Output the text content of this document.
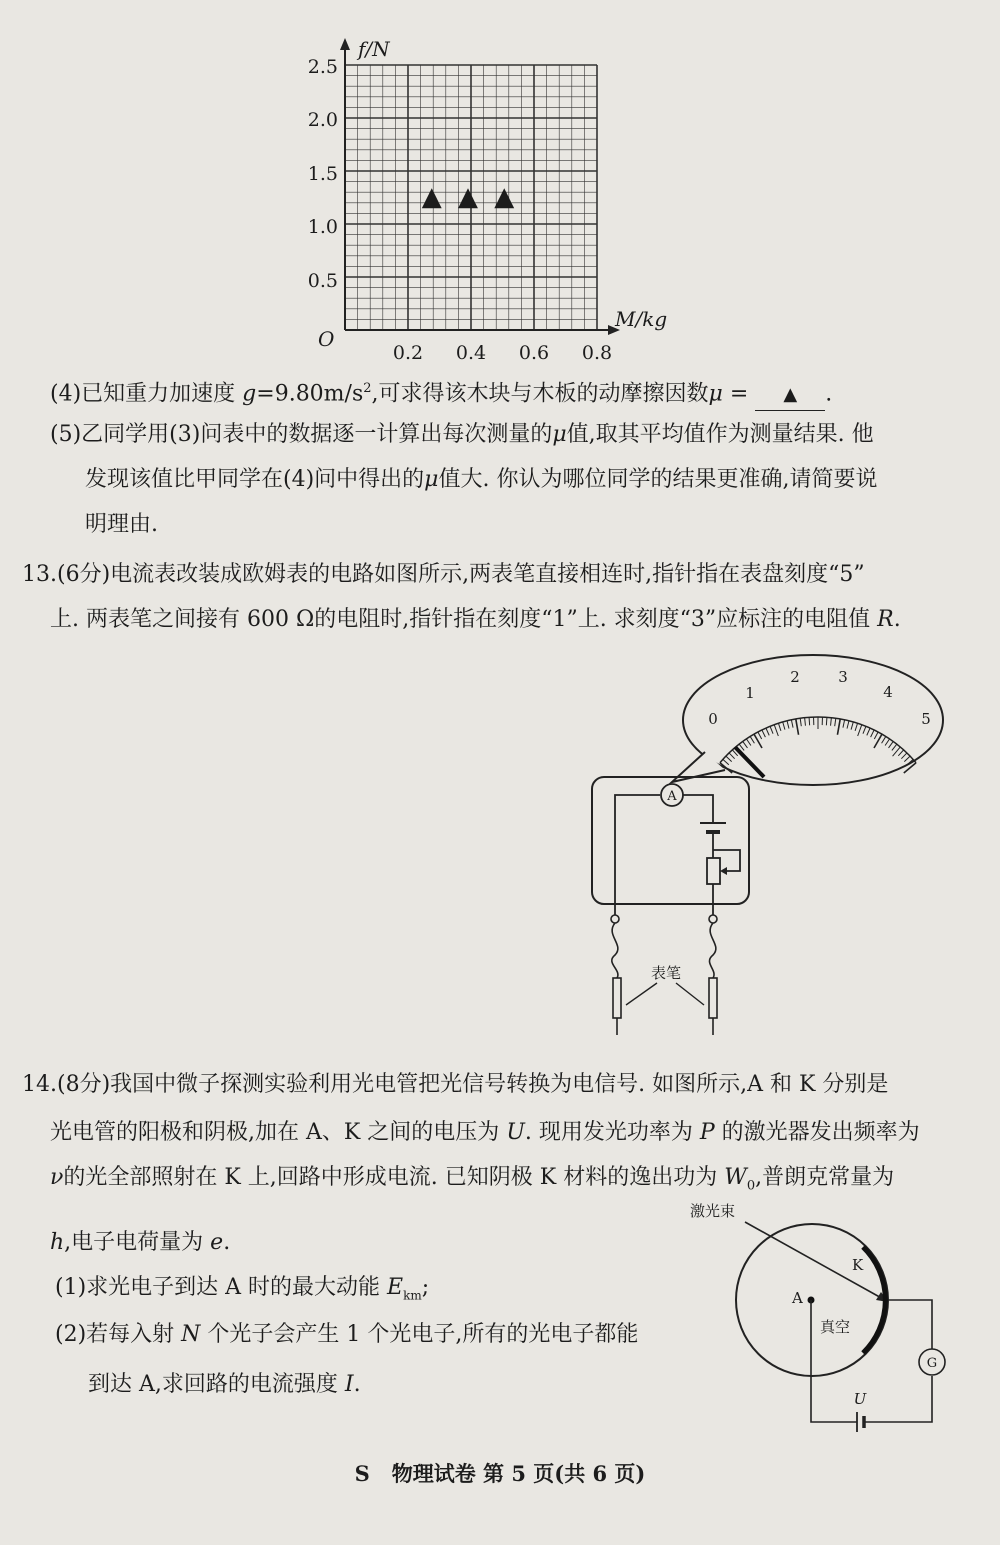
f/N
M/kg
O
2.5
2.0
1.5
1.0
0.5
0.2 0.4 0.6 0.8
▲ ▲ ▲
(4)已知重力加速度 $g=9.80m/s^2$,可求得该木块与木板的动摩擦因数μ = ▲ .
(5)乙同学用(3)问表中的数据逐一计算出每次测量的μ值,取其平均值作为测量结果. 他
发现该值比甲同学在(4)问中得出的μ值大. 你认为哪位同学的结果更准确,请简要说
明理由.
13.(6分)电流表改装成欧姆表的电路如图所示,两表笔直接相连时,指针指在表盘刻度“5”
上. 两表笔之间接有 600 Ω的电阻时,指针指在刻度“1”上. 求刻度“3”应标注的电阻值 R.
0
1
2	3
4
5
A
表笔
14.(8分)我国中微子探测实验利用光电管把光信号转换为电信号. 如图所示,A 和 K 分别是
光电管的阳极和阴极,加在 A、K 之间的电压为 U. 现用发光功率为 P 的激光器发出频率为
ν的光全部照射在 K 上,回路中形成电流. 已知阴极 K 材料的逸出功为 $W_0$,普朗克常量为
h,电子电荷量为 e.
(1)求光电子到达 A 时的最大动能 $E_{km}$;
(2)若每入射 N 个光子会产生 1 个光电子,所有的光电子都能
到达 A,求回路的电流强度 I.
激光束
K
A
真空
U
G
S 物理试卷 第 5 页(共 6 页)
